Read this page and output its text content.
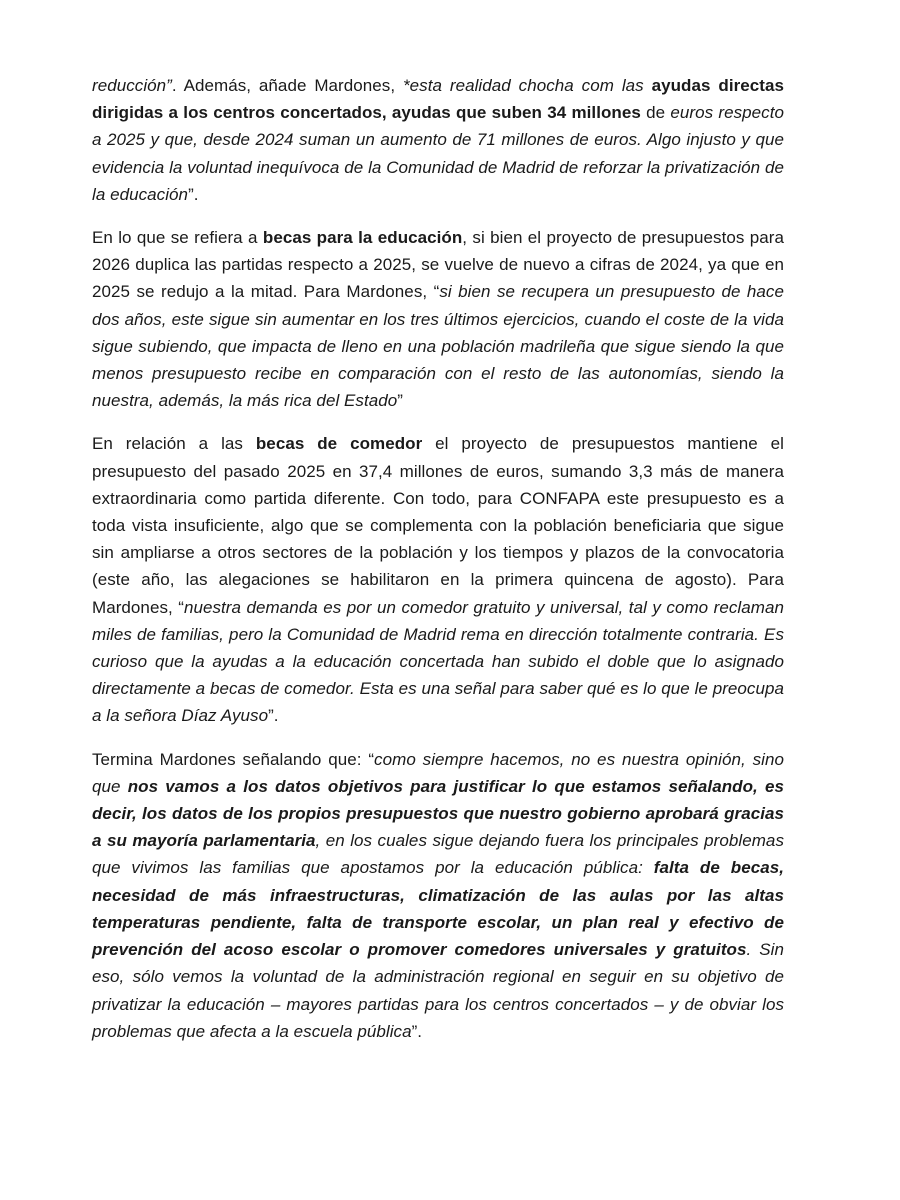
reducción”. Además, añade Mardones, *esta realidad chocha com las ayudas directas dirigidas a los centros concertados, ayudas que suben 34 millones de euros respecto a 2025 y que, desde 2024 suman un aumento de 71 millones de euros. Algo injusto y que evidencia la voluntad inequívoca de la Comunidad de Madrid de reforzar la privatización de la educación”.

En lo que se refiera a becas para la educación, si bien el proyecto de presupuestos para 2026 duplica las partidas respecto a 2025, se vuelve de nuevo a cifras de 2024, ya que en 2025 se redujo a la mitad. Para Mardones, “si bien se recupera un presupuesto de hace dos años, este sigue sin aumentar en los tres últimos ejercicios, cuando el coste de la vida sigue subiendo, que impacta de lleno en una población madrileña que sigue siendo la que menos presupuesto recibe en comparación con el resto de las autonomías, siendo la nuestra, además, la más rica del Estado”

En relación a las becas de comedor el proyecto de presupuestos mantiene el presupuesto del pasado 2025 en 37,4 millones de euros, sumando 3,3 más de manera extraordinaria como partida diferente. Con todo, para CONFAPA este presupuesto es a toda vista insuficiente, algo que se complementa con la población beneficiaria que sigue sin ampliarse a otros sectores de la población y los tiempos y plazos de la convocatoria (este año, las alegaciones se habilitaron en la primera quincena de agosto). Para Mardones, “nuestra demanda es por un comedor gratuito y universal, tal y como reclaman miles de familias, pero la Comunidad de Madrid rema en dirección totalmente contraria. Es curioso que la ayudas a la educación concertada han subido el doble que lo asignado directamente a becas de comedor. Esta es una señal para saber qué es lo que le preocupa a la señora Díaz Ayuso”.

Termina Mardones señalando que: “como siempre hacemos, no es nuestra opinión, sino que nos vamos a los datos objetivos para justificar lo que estamos señalando, es decir, los datos de los propios presupuestos que nuestro gobierno aprobará gracias a su mayoría parlamentaria, en los cuales sigue dejando fuera los principales problemas que vivimos las familias que apostamos por la educación pública: falta de becas, necesidad de más infraestructuras, climatización de las aulas por las altas temperaturas pendiente, falta de transporte escolar, un plan real y efectivo de prevención del acoso escolar o promover comedores universales y gratuitos. Sin eso, sólo vemos la voluntad de la administración regional en seguir en su objetivo de privatizar la educación – mayores partidas para los centros concertados – y de obviar los problemas que afecta a la escuela pública”.
